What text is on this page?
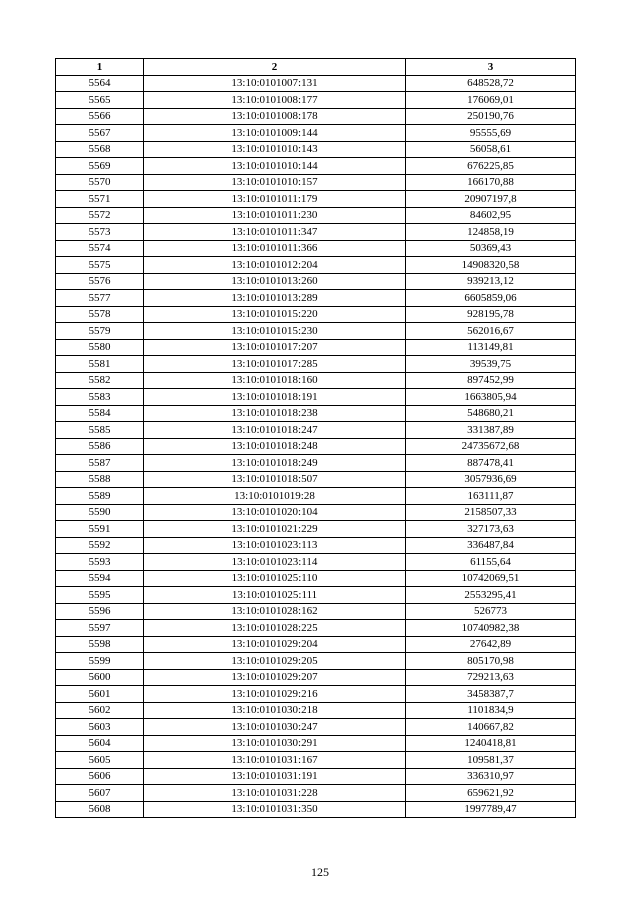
1	2	3
5564	13:10:0101007:131	648528,72
5565	13:10:0101008:177	176069,01
5566	13:10:0101008:178	250190,76
5567	13:10:0101009:144	95555,69
5568	13:10:0101010:143	56058,61
5569	13:10:0101010:144	676225,85
5570	13:10:0101010:157	166170,88
5571	13:10:0101011:179	20907197,8
5572	13:10:0101011:230	84602,95
5573	13:10:0101011:347	124858,19
5574	13:10:0101011:366	50369,43
5575	13:10:0101012:204	14908320,58
5576	13:10:0101013:260	939213,12
5577	13:10:0101013:289	6605859,06
5578	13:10:0101015:220	928195,78
5579	13:10:0101015:230	562016,67
5580	13:10:0101017:207	113149,81
5581	13:10:0101017:285	39539,75
5582	13:10:0101018:160	897452,99
5583	13:10:0101018:191	1663805,94
5584	13:10:0101018:238	548680,21
5585	13:10:0101018:247	331387,89
5586	13:10:0101018:248	24735672,68
5587	13:10:0101018:249	887478,41
5588	13:10:0101018:507	3057936,69
5589	13:10:0101019:28	163111,87
5590	13:10:0101020:104	2158507,33
5591	13:10:0101021:229	327173,63
5592	13:10:0101023:113	336487,84
5593	13:10:0101023:114	61155,64
5594	13:10:0101025:110	10742069,51
5595	13:10:0101025:111	2553295,41
5596	13:10:0101028:162	526773
5597	13:10:0101028:225	10740982,38
5598	13:10:0101029:204	27642,89
5599	13:10:0101029:205	805170,98
5600	13:10:0101029:207	729213,63
5601	13:10:0101029:216	3458387,7
5602	13:10:0101030:218	1101834,9
5603	13:10:0101030:247	140667,82
5604	13:10:0101030:291	1240418,81
5605	13:10:0101031:167	109581,37
5606	13:10:0101031:191	336310,97
5607	13:10:0101031:228	659621,92
5608	13:10:0101031:350	1997789,47
125
